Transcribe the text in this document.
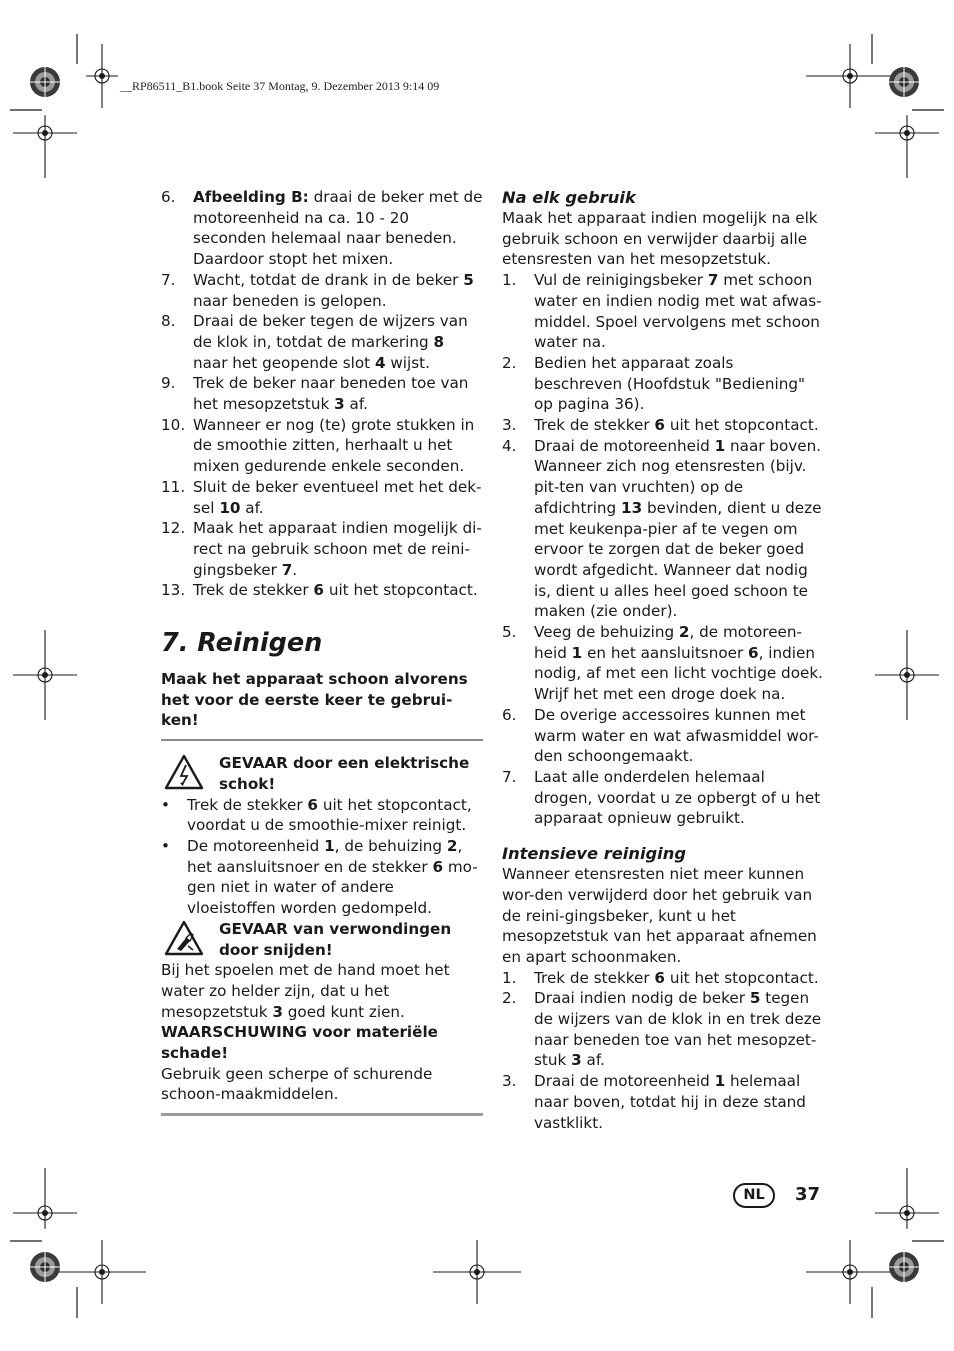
__RP86511_B1.book Seite 37 Montag, 9. Dezember 2013 9:14 09
6. Afbeelding B: draai de beker met de motoreenheid na ca. 10 - 20 seconden helemaal naar beneden. Daardoor stopt het mixen.
7. Wacht, totdat de drank in de beker 5 naar beneden is gelopen.
8. Draai de beker tegen de wijzers van de klok in, totdat de markering 8 naar het geopende slot 4 wijst.
9. Trek de beker naar beneden toe van het mesopzetstuk 3 af.
10. Wanneer er nog (te) grote stukken in de smoothie zitten, herhaalt u het mixen gedurende enkele seconden.
11. Sluit de beker eventueel met het dek-sel 10 af.
12. Maak het apparaat indien mogelijk di-rect na gebruik schoon met de reini-gingsbeker 7.
13. Trek de stekker 6 uit het stopcontact.
7. Reinigen

Maak het apparaat schoon alvorens het voor de eerste keer te gebrui-ken!

GEVAAR door een elektrische schok!
• Trek de stekker 6 uit het stopcontact, voordat u de smoothie-mixer reinigt.
• De motoreenheid 1, de behuizing 2, het aansluitsnoer en de stekker 6 mo-gen niet in water of andere vloeistoffen worden gedompeld.
GEVAAR van verwondingen door snijden!

Bij het spoelen met de hand moet het water zo helder zijn, dat u het mesopzetstuk 3 goed kunt zien.

WAARSCHUWING voor materiële schade!

Gebruik geen scherpe of schurende schoon-maakmiddelen.

Na elk gebruik

Maak het apparaat indien mogelijk na elk gebruik schoon en verwijder daarbij alle etensresten van het mesopzetstuk.

1. Vul de reinigingsbeker 7 met schoon water en indien nodig met wat afwas-middel. Spoel vervolgens met schoon water na.
2. Bedien het apparaat zoals beschreven (Hoofdstuk "Bediening" op pagina 36).
3. Trek de stekker 6 uit het stopcontact.
4. Draai de motoreenheid 1 naar boven. Wanneer zich nog etensresten (bijv. pit-ten van vruchten) op de afdichtring 13 bevinden, dient u deze met keukenpa-pier af te vegen om ervoor te zorgen dat de beker goed wordt afgedicht. Wanneer dat nodig is, dient u alles heel goed schoon te maken (zie onder).
5. Veeg de behuizing 2, de motoreen-heid 1 en het aansluitsnoer 6, indien nodig, af met een licht vochtige doek. Wrijf het met een droge doek na.
6. De overige accessoires kunnen met warm water en wat afwasmiddel wor-den schoongemaakt.
7. Laat alle onderdelen helemaal drogen, voordat u ze opbergt of u het apparaat opnieuw gebruikt.

Intensieve reiniging

Wanneer etensresten niet meer kunnen wor-den verwijderd door het gebruik van de reini-gingsbeker, kunt u het mesopzetstuk van het apparaat afnemen en apart schoonmaken.

1. Trek de stekker 6 uit het stopcontact.
2. Draai indien nodig de beker 5 tegen de wijzers van de klok in en trek deze naar beneden toe van het mesopzet-stuk 3 af.
3. Draai de motoreenheid 1 helemaal naar boven, totdat hij in deze stand vastklikt.
NL	37
